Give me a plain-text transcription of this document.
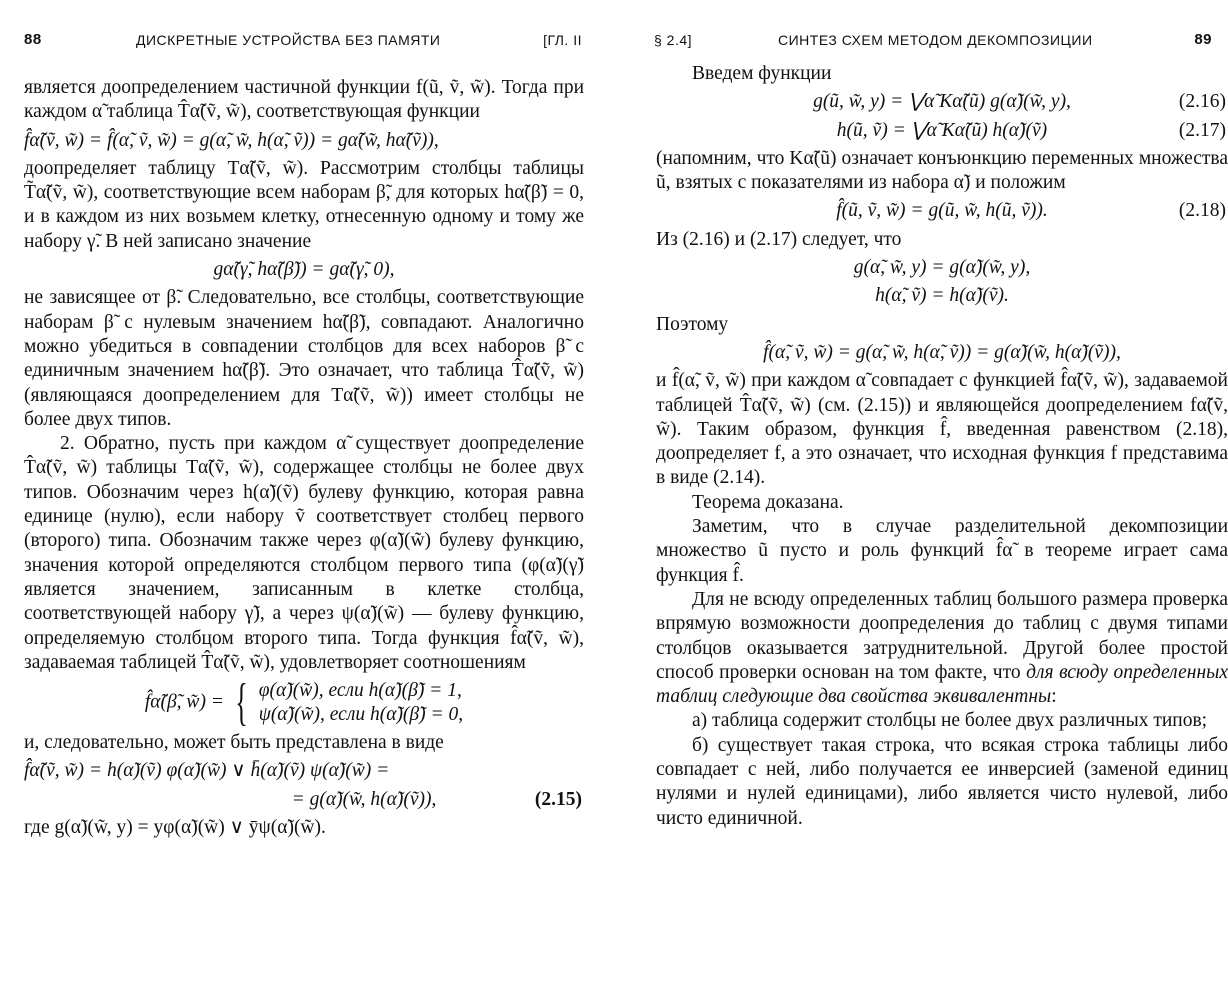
88	ДИСКРЕТНЫЕ УСТРОЙСТВА БЕЗ ПАМЯТИ	[ГЛ. II

является доопределением частичной функции f(ũ, ṽ, w̃). Тогда при каждом α̃ таблица T̂α̃(ṽ, w̃), соответствующая функции

f̂α̃(ṽ, w̃) = f̂(α̃, ṽ, w̃) = g(α̃, w̃, h(α̃, ṽ)) = gα̃(w̃, hα̃(ṽ)),

доопределяет таблицу Tα̃(ṽ, w̃). Рассмотрим столбцы таблицы T̃α̃(ṽ, w̃), соответствующие всем наборам β̃, для которых hα̃(β̃) = 0, и в каждом из них возьмем клетку, отнесенную одному и тому же набору γ̃. В ней записано значение

gα̃(γ̃, hα̃(β̃)) = gα̃(γ̃, 0),

не зависящее от β̃. Следовательно, все столбцы, соответствующие наборам β̃ с нулевым значением hα̃(β̃), совпадают. Аналогично можно убедиться в совпадении столбцов для всех наборов β̃ с единичным значением hα̃(β̃). Это означает, что таблица T̂α̃(ṽ, w̃) (являющаяся доопределением для Tα̃(ṽ, w̃)) имеет столбцы не более двух типов.

2. Обратно, пусть при каждом α̃ существует доопределение T̂α̃(ṽ, w̃) таблицы Tα̃(ṽ, w̃), содержащее столбцы не более двух типов. Обозначим через h(α̃)(ṽ) булеву функцию, которая равна единице (нулю), если набору ṽ соответствует столбец первого (второго) типа. Обозначим также через φ(α̃)(w̃) булеву функцию, значения которой определяются столбцом первого типа (φ(α̃)(γ̃) является значением, записанным в клетке столбца, соответствующей набору γ̃), а через ψ(α̃)(w̃) — булеву функцию, определяемую столбцом второго типа. Тогда функция f̂α̃(ṽ, w̃), задаваемая таблицей T̂α̃(ṽ, w̃), удовлетворяет соотношениям

f̂α̃(β̃, w̃) = { φ(α̃)(w̃), если h(α̃)(β̃) = 1,
ψ(α̃)(w̃), если h(α̃)(β̃) = 0,

и, следовательно, может быть представлена в виде

f̂α̃(ṽ, w̃) = h(α̃)(ṽ) φ(α̃)(w̃) ∨ h̄(α̃)(ṽ) ψ(α̃)(w̃) =
= g(α̃)(w̃, h(α̃)(ṽ)),	(2.15)

где g(α̃)(w̃, y) = yφ(α̃)(w̃) ∨ ȳψ(α̃)(w̃).

§ 2.4]	СИНТЕЗ СХЕМ МЕТОДОМ ДЕКОМПОЗИЦИИ	89

Введем функции

g(ũ, w̃, y) = ⋁α̃ Kα̃(ũ) g(α̃)(w̃, y),	(2.16)
h(ũ, ṽ) = ⋁α̃ Kα̃(ũ) h(α̃)(ṽ)	(2.17)

(напомним, что Kα̃(ũ) означает конъюнкцию переменных множества ũ, взятых с показателями из набора α̃) и положим

f̂(ũ, ṽ, w̃) = g(ũ, w̃, h(ũ, ṽ)).	(2.18)

Из (2.16) и (2.17) следует, что

g(α̃, w̃, y) = g(α̃)(w̃, y),
h(α̃, ṽ) = h(α̃)(ṽ).

Поэтому

f̂(α̃, ṽ, w̃) = g(α̃, w̃, h(α̃, ṽ)) = g(α̃)(w̃, h(α̃)(ṽ)),

и f̂(α̃, ṽ, w̃) при каждом α̃ совпадает с функцией f̂α̃(ṽ, w̃), задаваемой таблицей T̂α̃(ṽ, w̃) (см. (2.15)) и являющейся доопределением fα̃(ṽ, w̃). Таким образом, функция f̂, введенная равенством (2.18), доопределяет f, а это означает, что исходная функция f представима в виде (2.14).

Теорема доказана.

Заметим, что в случае разделительной декомпозиции множество ũ пусто и роль функций f̂α̃ в теореме играет сама функция f̂.

Для не всюду определенных таблиц большого размера проверка впрямую возможности доопределения до таблиц с двумя типами столбцов оказывается затруднительной. Другой более простой способ проверки основан на том факте, что для всюду определенных таблиц следующие два свойства эквивалентны:

а) таблица содержит столбцы не более двух различных типов;

б) существует такая строка, что всякая строка таблицы либо совпадает с ней, либо получается ее инверсией (заменой единиц нулями и нулей единицами), либо является чисто нулевой, либо чисто единичной.
